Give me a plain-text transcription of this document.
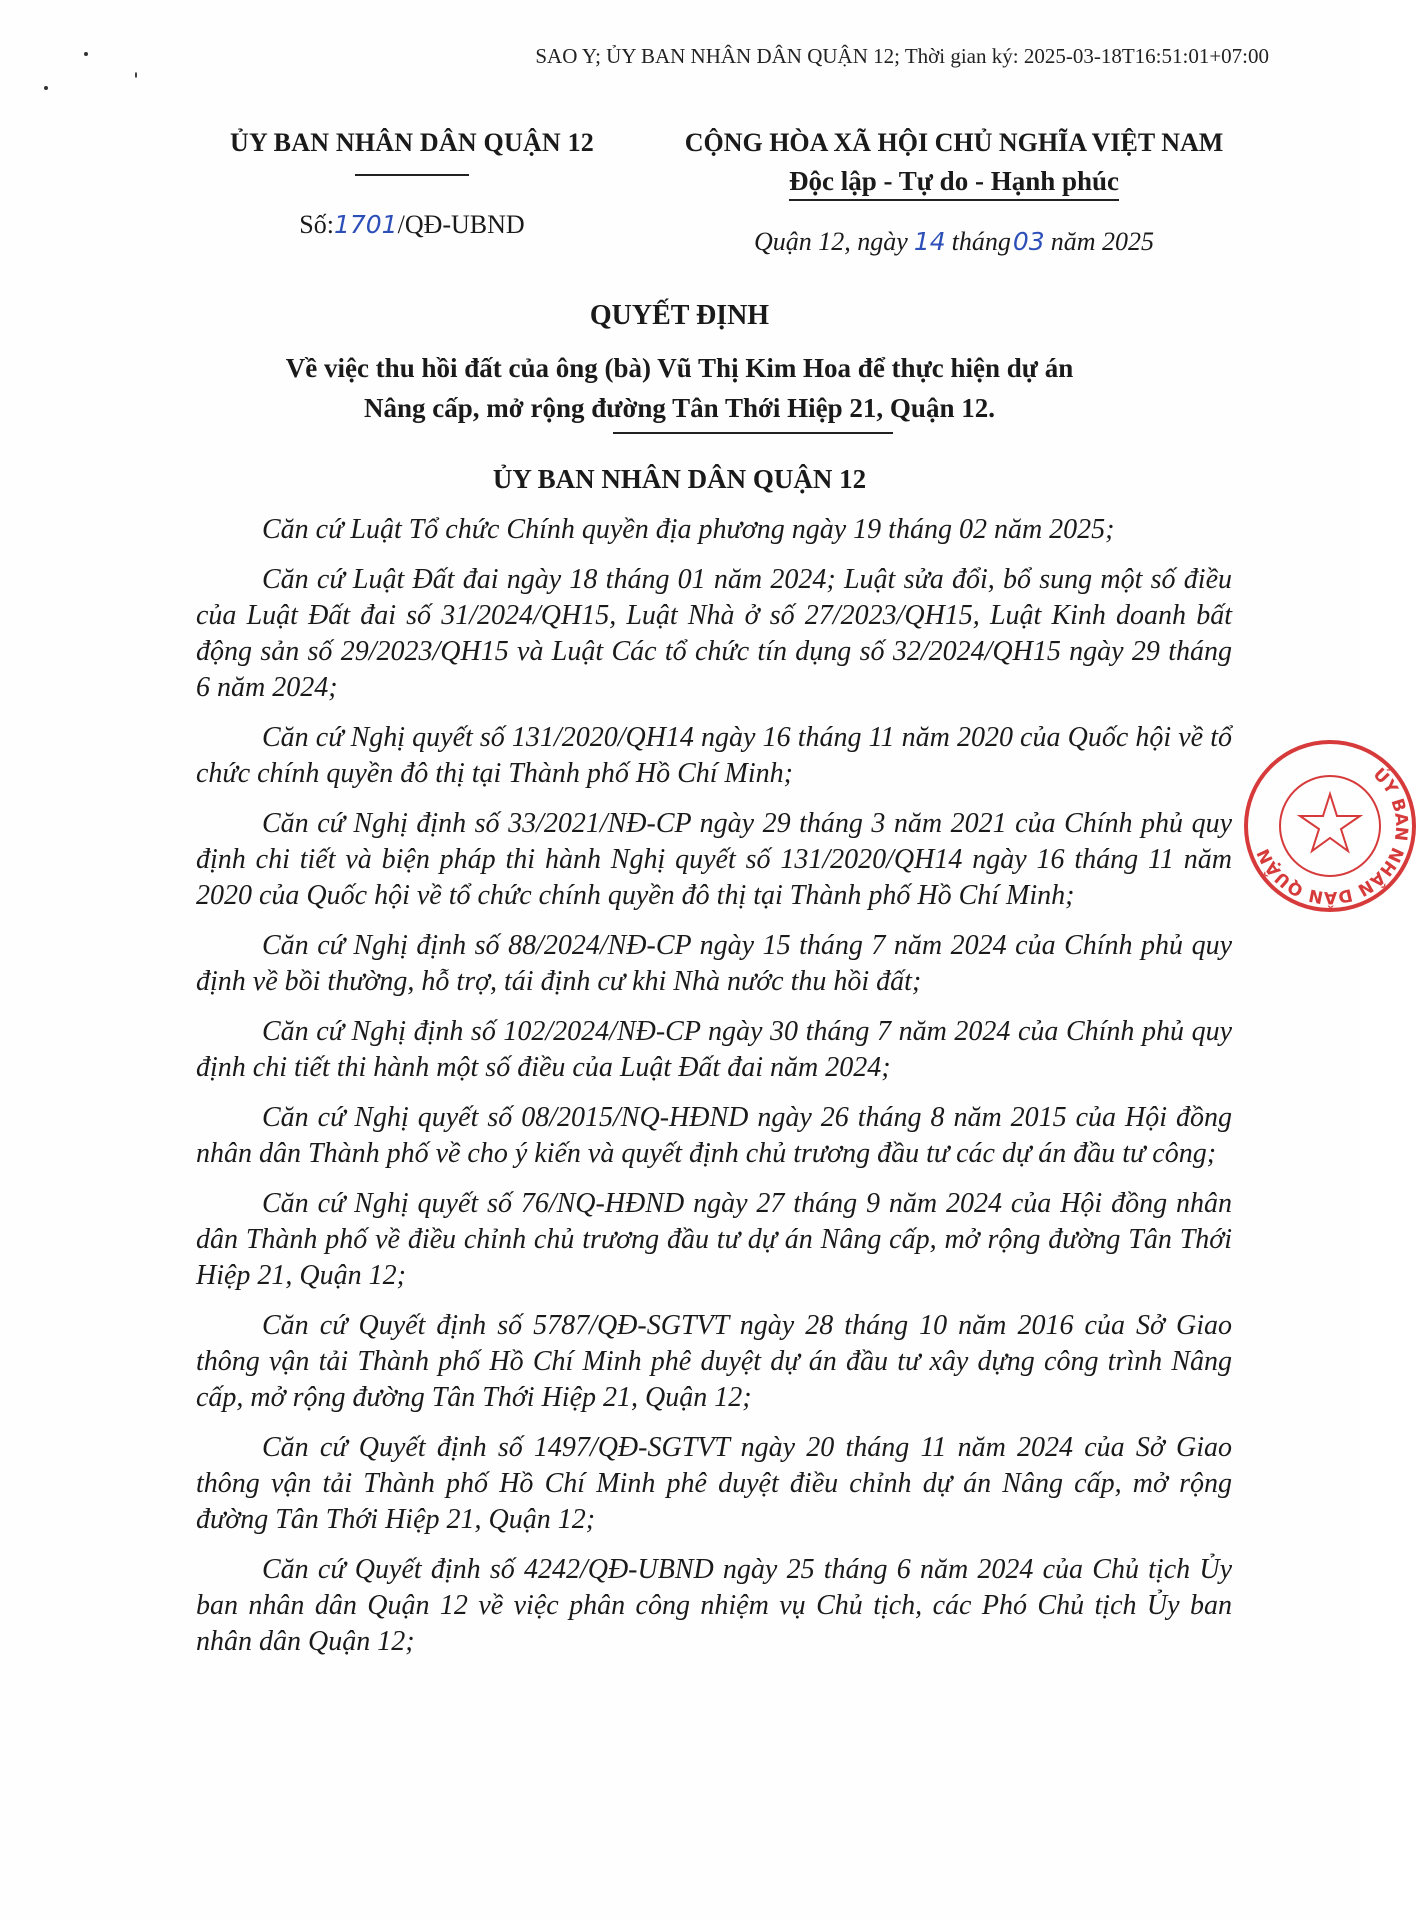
SAO Y; ỦY BAN NHÂN DÂN QUẬN 12; Thời gian ký: 2025-03-18T16:51:01+07:00
ỦY BAN NHÂN DÂN QUẬN 12
Số:1701/QĐ-UBND
CỘNG HÒA XÃ HỘI CHỦ NGHĨA VIỆT NAM
Độc lập - Tự do - Hạnh phúc
Quận 12, ngày 14 tháng03 năm 2025
QUYẾT ĐỊNH
Về việc thu hồi đất của ông (bà) Vũ Thị Kim Hoa để thực hiện dự án
Nâng cấp, mở rộng đường Tân Thới Hiệp 21, Quận 12.
ỦY BAN NHÂN DÂN QUẬN 12

Căn cứ Luật Tổ chức Chính quyền địa phương ngày 19 tháng 02 năm 2025;

Căn cứ Luật Đất đai ngày 18 tháng 01 năm 2024; Luật sửa đổi, bổ sung một số điều của Luật Đất đai số 31/2024/QH15, Luật Nhà ở số 27/2023/QH15, Luật Kinh doanh bất động sản số 29/2023/QH15 và Luật Các tổ chức tín dụng số 32/2024/QH15 ngày 29 tháng 6 năm 2024;

Căn cứ Nghị quyết số 131/2020/QH14 ngày 16 tháng 11 năm 2020 của Quốc hội về tổ chức chính quyền đô thị tại Thành phố Hồ Chí Minh;

Căn cứ Nghị định số 33/2021/NĐ-CP ngày 29 tháng 3 năm 2021 của Chính phủ quy định chi tiết và biện pháp thi hành Nghị quyết số 131/2020/QH14 ngày 16 tháng 11 năm 2020 của Quốc hội về tổ chức chính quyền đô thị tại Thành phố Hồ Chí Minh;

Căn cứ Nghị định số 88/2024/NĐ-CP ngày 15 tháng 7 năm 2024 của Chính phủ quy định về bồi thường, hỗ trợ, tái định cư khi Nhà nước thu hồi đất;

Căn cứ Nghị định số 102/2024/NĐ-CP ngày 30 tháng 7 năm 2024 của Chính phủ quy định chi tiết thi hành một số điều của Luật Đất đai năm 2024;

Căn cứ Nghị quyết số 08/2015/NQ-HĐND ngày 26 tháng 8 năm 2015 của Hội đồng nhân dân Thành phố về cho ý kiến và quyết định chủ trương đầu tư các dự án đầu tư công;

Căn cứ Nghị quyết số 76/NQ-HĐND ngày 27 tháng 9 năm 2024 của Hội đồng nhân dân Thành phố về điều chỉnh chủ trương đầu tư dự án Nâng cấp, mở rộng đường Tân Thới Hiệp 21, Quận 12;

Căn cứ Quyết định số 5787/QĐ-SGTVT ngày 28 tháng 10 năm 2016 của Sở Giao thông vận tải Thành phố Hồ Chí Minh phê duyệt dự án đầu tư xây dựng công trình Nâng cấp, mở rộng đường Tân Thới Hiệp 21, Quận 12;

Căn cứ Quyết định số 1497/QĐ-SGTVT ngày 20 tháng 11 năm 2024 của Sở Giao thông vận tải Thành phố Hồ Chí Minh phê duyệt điều chỉnh dự án Nâng cấp, mở rộng đường Tân Thới Hiệp 21, Quận 12;

Căn cứ Quyết định số 4242/QĐ-UBND ngày 25 tháng 6 năm 2024 của Chủ tịch Ủy ban nhân dân Quận 12 về việc phân công nhiệm vụ Chủ tịch, các Phó Chủ tịch Ủy ban nhân dân Quận 12;

ỦY BAN NHÂN DÂN QUẬN
